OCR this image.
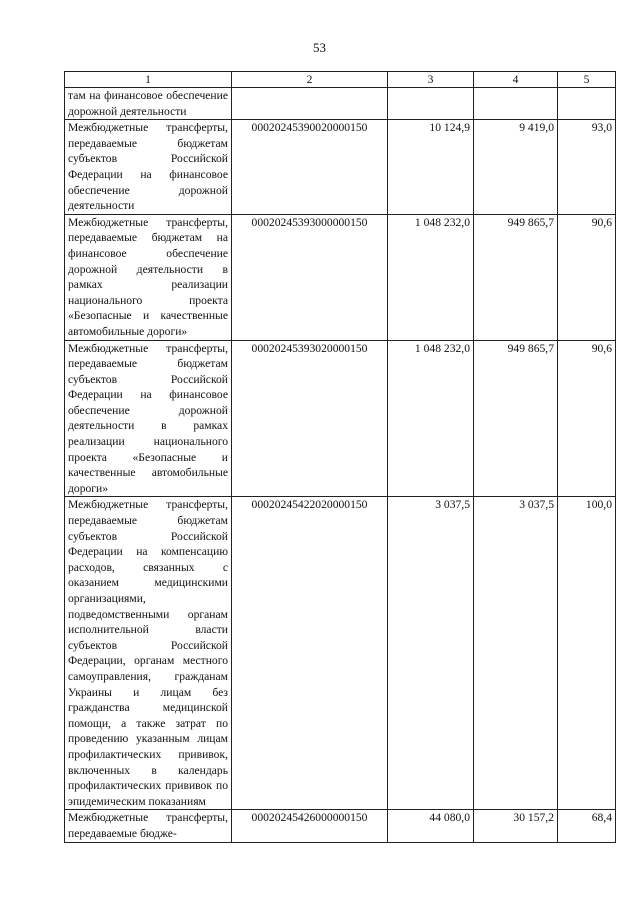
53
1	2	3	4	5
там на финансовое обеспечение дорожной деятельности				
Межбюджетные трансферты, передаваемые бюджетам субъектов Российской Федерации на финансовое обеспечение дорожной деятельности	00020245390020000150	10 124,9	9 419,0	93,0
Межбюджетные трансферты, передаваемые бюджетам на финансовое обеспечение дорожной деятельности в рамках реализации национального проекта «Безопасные и качественные автомобильные дороги»	00020245393000000150	1 048 232,0	949 865,7	90,6
Межбюджетные трансферты, передаваемые бюджетам субъектов Российской Федерации на финансовое обеспечение дорожной деятельности в рамках реализации национального проекта «Безопасные и качественные автомобильные дороги»	00020245393020000150	1 048 232,0	949 865,7	90,6
Межбюджетные трансферты, передаваемые бюджетам субъектов Российской Федерации на компенсацию расходов, связанных с оказанием медицинскими организациями, подведомственными органам исполнительной власти субъектов Российской Федерации, органам местного самоуправления, гражданам Украины и лицам без гражданства медицинской помощи, а также затрат по проведению указанным лицам профилактических прививок, включенных в календарь профилактических прививок по эпидемическим показаниям	00020245422020000150	3 037,5	3 037,5	100,0
Межбюджетные трансферты, передаваемые бюдже-	00020245426000000150	44 080,0	30 157,2	68,4
